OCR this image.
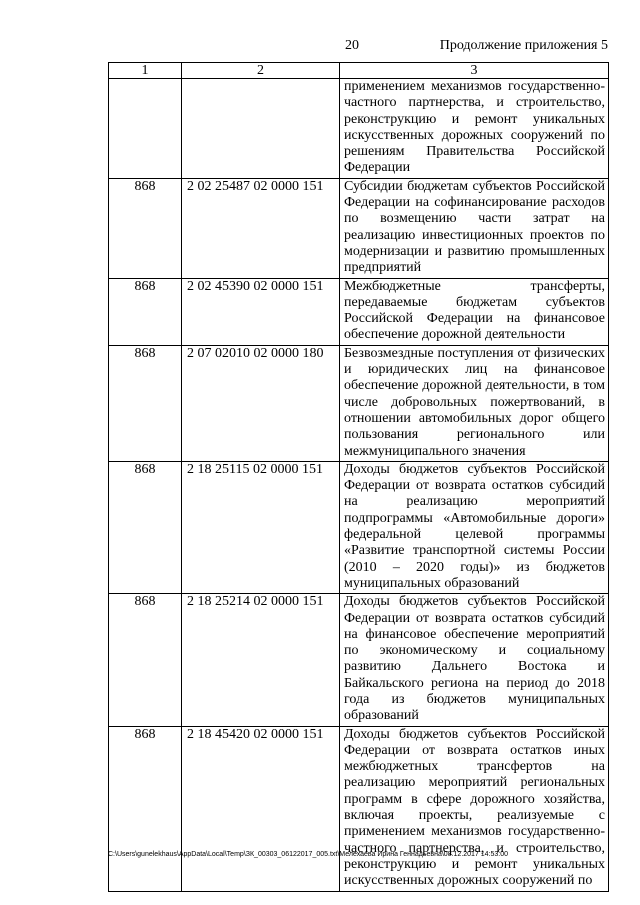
20	Продолжение приложения 5
1	2	3
		применением механизмов государственно-частного партнерства, и строительство, реконструкцию и ремонт уникальных искусственных дорожных сооружений по решениям Правительства Российской Федерации
868	2 02 25487 02 0000 151	Субсидии бюджетам субъектов Российской Федерации на софинансирование расходов по возмещению части затрат на реализацию инвестиционных проектов по модернизации и развитию промышленных предприятий
868	2 02 45390 02 0000 151	Межбюджетные трансферты, передаваемые бюджетам субъектов Российской Федерации на финансовое обеспечение дорожной деятельности
868	2 07 02010 02 0000 180	Безвозмездные поступления от физических и юридических лиц на финансовое обеспечение дорожной деятельности, в том числе добровольных пожертвований, в отношении автомобильных дорог общего пользования регионального или межмуниципального значения
868	2 18 25115 02 0000 151	Доходы бюджетов субъектов Российской Федерации от возврата остатков субсидий на реализацию мероприятий подпрограммы «Автомобильные дороги» федеральной целевой программы «Развитие транспортной системы России (2010 – 2020 годы)» из бюджетов муниципальных образований
868	2 18 25214 02 0000 151	Доходы бюджетов субъектов Российской Федерации от возврата остатков субсидий на финансовое обеспечение мероприятий по экономическому и социальному развитию Дальнего Востока и Байкальского региона на период до 2018 года из бюджетов муниципальных образований
868	2 18 45420 02 0000 151	Доходы бюджетов субъектов Российской Федерации от возврата остатков иных межбюджетных трансфертов на реализацию мероприятий региональных программ в сфере дорожного хозяйства, включая проекты, реализуемые с применением механизмов государственно-частного партнерства, и строительство, реконструкцию и ремонт уникальных искусственных дорожных сооружений по
C:\Users\gunelekhaus\AppData\Local\Temp\ЗК_00303_06122017_005.txt\Мелехаева Ирина Геннадьевна\08.12.2017 14:53:00
